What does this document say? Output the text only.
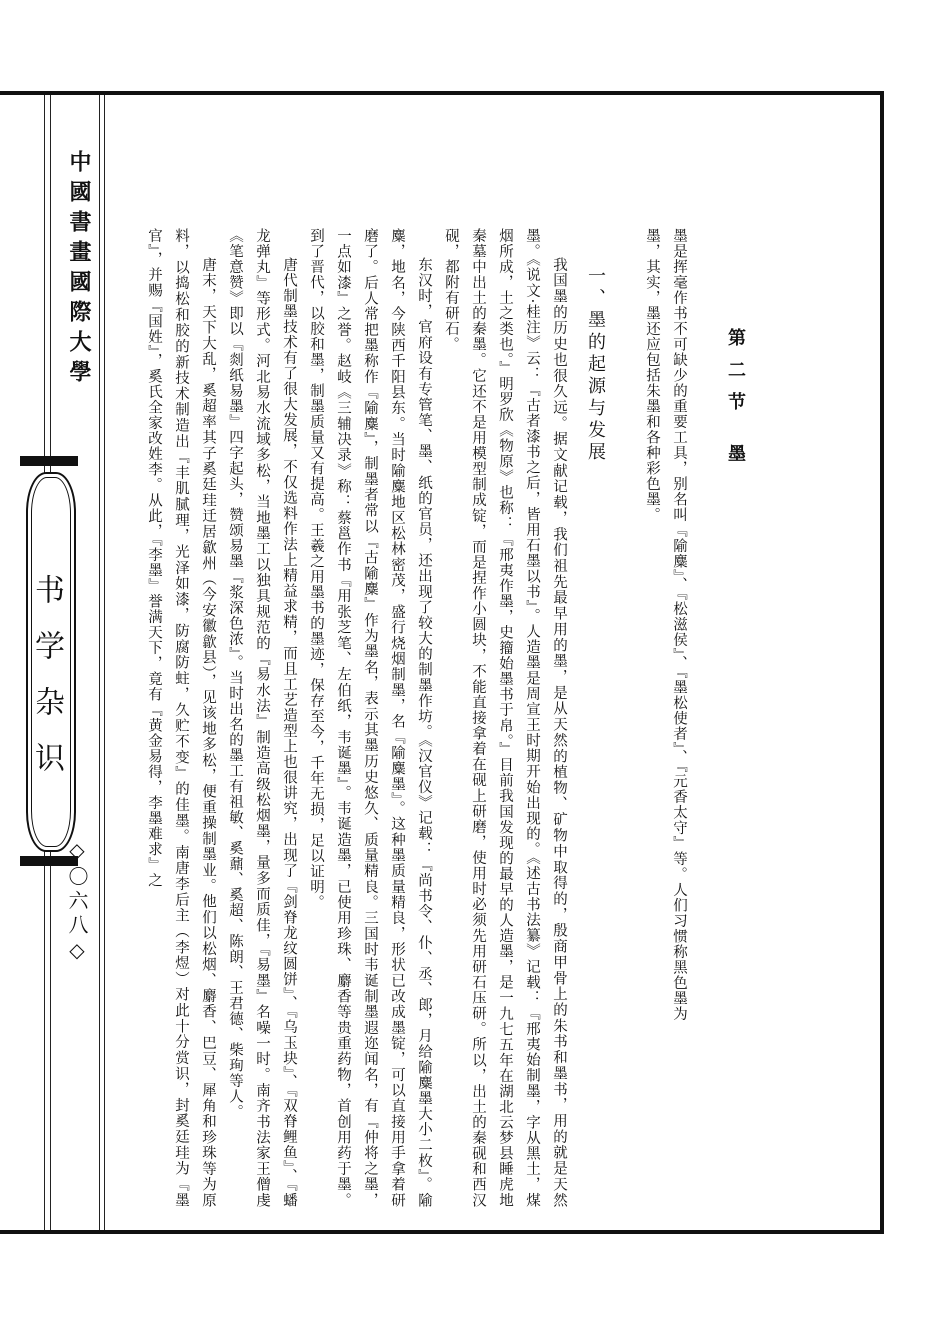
中國書畫國際大學
书学杂识
◇〇六八◇
第二节 墨

墨是挥毫作书不可缺少的重要工具，别名叫『隃麋』、『松滋侯』、『墨松使者』、『元香太守』等。人们习惯称黑色墨为

墨，其实，墨还应包括朱墨和各种彩色墨。

一、墨的起源与发展

我国墨的历史也很久远。据文献记载，我们祖先最早用的墨，是从天然的植物、矿物中取得的，殷商甲骨上的朱书和墨书，用的就是天然墨。《说文·桂注》云：『古者漆书之后，皆用石墨以书』。人造墨是周宣王时期开始出现的。《述古书法纂》记载：『邢夷始制墨，字从黑土，煤烟所成，土之类也。』明罗欣《物原》也称：『邢夷作墨，史籀始墨书于帛。』目前我国发现的最早的人造墨，是一九七五年在湖北云梦县睡虎地秦墓中出土的秦墨。它还不是用模型制成锭，而是捏作小圆块，不能直接拿着在砚上研磨，使用时必须先用研石压研。所以，出土的秦砚和西汉砚，都附有研石。

东汉时，官府设有专管笔、墨、纸的官员，还出现了较大的制墨作坊。《汉官仪》记载：『尚书令、仆、丞、郎，月给隃麋墨大小二枚』。隃麋，地名，今陕西千阳县东。当时隃麋地区松林密茂，盛行烧烟制墨，名『隃麋墨』。这种墨质量精良，形状已改成墨锭，可以直接用手拿着研磨了。后人常把墨称作『隃麋』，制墨者常以『古隃麋』作为墨名，表示其墨历史悠久、质量精良。三国时韦诞制墨遐迩闻名，有『仲将之墨，一点如漆』之誉。赵岐《三辅决录》称：蔡邕作书『用张芝笔、左伯纸，韦诞墨』。韦诞造墨，已使用珍珠、麝香等贵重药物，首创用药于墨。到了晋代，以胶和墨，制墨质量又有提高。王羲之用墨书的墨迹，保存至今，千年无损，足以证明。

唐代制墨技术有了很大发展，不仅选料作法上精益求精，而且工艺造型上也很讲究，出现了『剑脊龙纹圆饼』、『乌玉块』、『双脊鲤鱼』、『蟠龙弹丸』等形式。河北易水流域多松，当地墨工以独具规范的『易水法』制造高级松烟墨，量多而质佳，『易墨』名噪一时。南齐书法家王僧虔《笔意赞》即以『剡纸易墨』四字起头，赞颂易墨『浆深色浓』。当时出名的墨工有祖敏、奚鼐、奚超、陈朗、王君德、柴珣等人。

唐末，天下大乱，奚超率其子奚廷珪迁居歙州（今安徽歙县），见该地多松，便重操制墨业。他们以松烟、麝香、巴豆、犀角和珍珠等为原料，以捣松和胶的新技术制造出『丰肌腻理，光泽如漆，防腐防蛀，久贮不变』的佳墨。南唐李后主（李煜）对此十分赏识，封奚廷珪为『墨官』，并赐『国姓』，奚氏全家改姓李。从此，『李墨』誉满天下，竟有『黄金易得，李墨难求』之
